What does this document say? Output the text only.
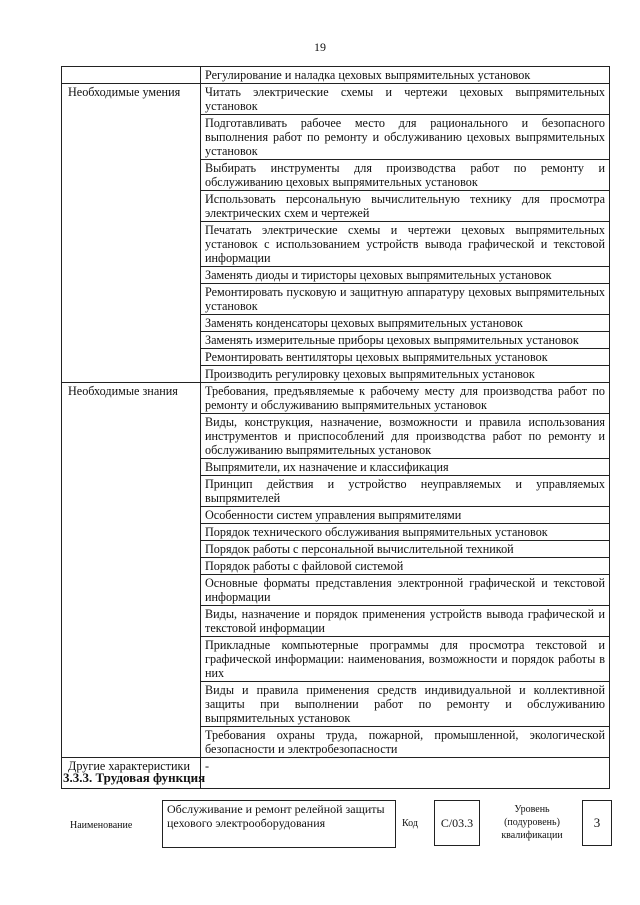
19
	Регулирование и наладка цеховых выпрямительных установок
Необходимые умения	Читать электрические схемы и чертежи цеховых выпрямительных установок
	Подготавливать рабочее место для рационального и безопасного выполнения работ по ремонту и обслуживанию цеховых выпрямительных установок
	Выбирать инструменты для производства работ по ремонту и обслуживанию цеховых выпрямительных установок
	Использовать персональную вычислительную технику для просмотра электрических схем и чертежей
	Печатать электрические схемы и чертежи цеховых выпрямительных установок с использованием устройств вывода графической и текстовой информации
	Заменять диоды и тиристоры цеховых выпрямительных установок
	Ремонтировать пусковую и защитную аппаратуру цеховых выпрямительных установок
	Заменять конденсаторы цеховых выпрямительных установок
	Заменять измерительные приборы цеховых выпрямительных установок
	Ремонтировать вентиляторы цеховых выпрямительных установок
	Производить регулировку цеховых выпрямительных установок
Необходимые знания	Требования, предъявляемые к рабочему месту для производства работ по ремонту и обслуживанию выпрямительных установок
	Виды, конструкция, назначение, возможности и правила использования инструментов и приспособлений для производства работ по ремонту и обслуживанию выпрямительных установок
	Выпрямители, их назначение и классификация
	Принцип действия и устройство неуправляемых и управляемых выпрямителей
	Особенности систем управления выпрямителями
	Порядок технического обслуживания выпрямительных установок
	Порядок работы с персональной вычислительной техникой
	Порядок работы с файловой системой
	Основные форматы представления электронной графической и текстовой информации
	Виды, назначение и порядок применения устройств вывода графической и текстовой информации
	Прикладные компьютерные программы для просмотра текстовой и графической информации: наименования, возможности и порядок работы в них
	Виды и правила применения средств индивидуальной и коллективной защиты при выполнении работ по ремонту и обслуживанию выпрямительных установок
	Требования охраны труда, пожарной, промышленной, экологической безопасности и электробезопасности
Другие характеристики	-
3.3.3. Трудовая функция
Наименование
Обслуживание и ремонт релейной защиты цехового электрооборудования	Код C/03.3
Уровень (подуровень) квалификации
3
